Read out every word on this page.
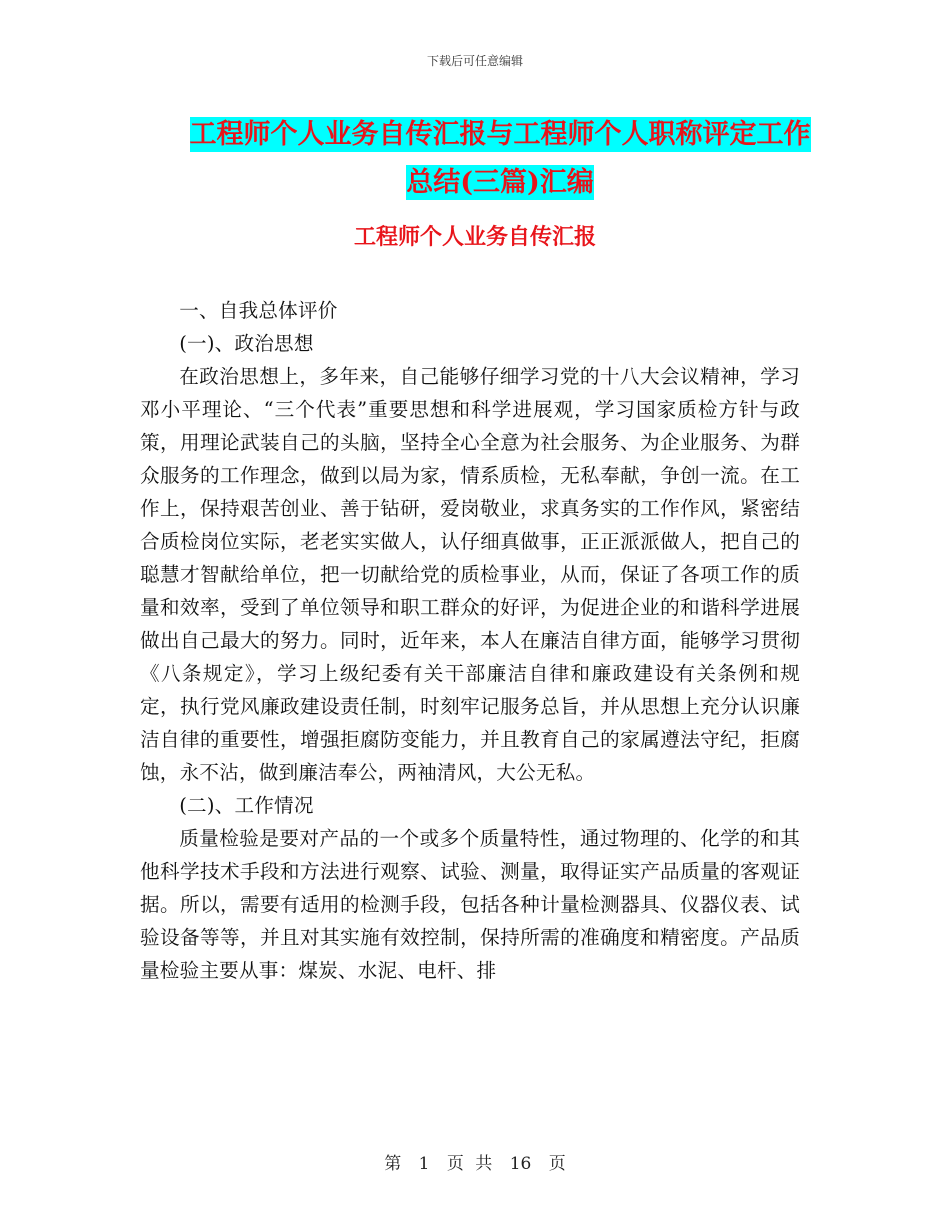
下载后可任意编辑
工程师个人业务自传汇报与工程师个人职称评定工作
总结(三篇)汇编
工程师个人业务自传汇报

一、自我总体评价

(一)、政治思想

在政治思想上，多年来，自己能够仔细学习党的十八大会议精神，学习邓小平理论、“三个代表”重要思想和科学进展观，学习国家质检方针与政策，用理论武装自己的头脑，坚持全心全意为社会服务、为企业服务、为群众服务的工作理念，做到以局为家，情系质检，无私奉献，争创一流。在工作上，保持艰苦创业、善于钻研，爱岗敬业，求真务实的工作作风，紧密结合质检岗位实际，老老实实做人，认仔细真做事，正正派派做人，把自己的聪慧才智献给单位，把一切献给党的质检事业，从而，保证了各项工作的质量和效率，受到了单位领导和职工群众的好评，为促进企业的和谐科学进展做出自己最大的努力。同时，近年来，本人在廉洁自律方面，能够学习贯彻《八条规定》，学习上级纪委有关干部廉洁自律和廉政建设有关条例和规定，执行党风廉政建设责任制，时刻牢记服务总旨，并从思想上充分认识廉洁自律的重要性，增强拒腐防变能力，并且教育自己的家属遵法守纪，拒腐蚀，永不沾，做到廉洁奉公，两袖清风，大公无私。

(二)、工作情况

质量检验是要对产品的一个或多个质量特性，通过物理的、化学的和其他科学技术手段和方法进行观察、试验、测量，取得证实产品质量的客观证据。所以，需要有适用的检测手段，包括各种计量检测器具、仪器仪表、试验设备等等，并且对其实施有效控制，保持所需的准确度和精密度。产品质量检验主要从事：煤炭、水泥、电杆、排

第 1 页 共 16 页
